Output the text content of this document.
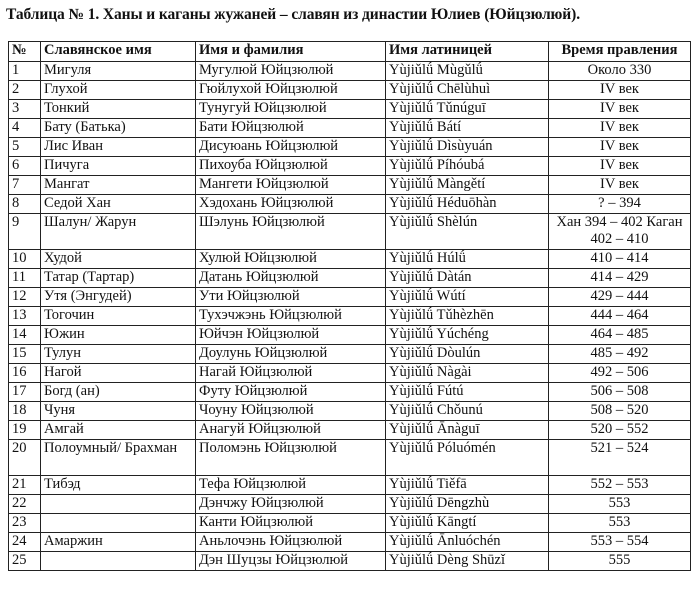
Таблица № 1. Ханы и каганы жужаней – славян из династии Юлиев (Юйцзюлюй).
№	Славянское имя	Имя и фамилия	Имя латиницей	Время правления
1	Мигуля	Мугулюй Юйцзюлюй	Yùjiǔlǘ Mùgǔlǘ	Около 330
2	Глухой	Гюйлухой Юйцзюлюй	Yùjiǔlǘ Chēlùhuì	IV век
3	Тонкий	Тунугуй Юйцзюлюй	Yùjiǔlǘ Tǔnúguī	IV век
4	Бату (Батька)	Бати Юйцзюлюй	Yùjiǔlǘ Bátí	IV век
5	Лис Иван	Дисуюань Юйцзюлюй	Yùjiǔlǘ Dìsùyuán	IV век
6	Пичуга	Пихоуба Юйцзюлюй	Yùjiǔlǘ Píhóubá	IV век
7	Мангат	Мангети Юйцзюлюй	Yùjiǔlǘ Màngětí	IV век
8	Седой Хан	Хэдохань Юйцзюлюй	Yùjiǔlǘ Héduōhàn	? – 394
9	Шалун/ Жарун	Шэлунь Юйцзюлюй	Yùjiǔlǘ Shèlún	Хан 394 – 402 Каган 402 – 410
10	Худой	Хулюй Юйцзюлюй	Yùjiǔlǘ Húlǘ	410 – 414
11	Татар (Тартар)	Датань Юйцзюлюй	Yùjiǔlǘ Dàtán	414 – 429
12	Утя (Энгудей)	Ути Юйцзюлюй	Yùjiǔlǘ Wútí	429 – 444
13	Тогочин	Тухэчжэнь Юйцзюлюй	Yùjiǔlǘ Tǔhèzhēn	444 – 464
14	Южин	Юйчэн Юйцзюлюй	Yùjiǔlǘ Yúchéng	464 – 485
15	Тулун	Доулунь Юйцзюлюй	Yùjiǔlǘ Dòulún	485 – 492
16	Нагой	Нагай Юйцзюлюй	Yùjiǔlǘ Nàgài	492 – 506
17	Богд (ан)	Футу Юйцзюлюй	Yùjiǔlǘ Fútú	506 – 508
18	Чуня	Чоуну Юйцзюлюй	Yùjiǔlǘ Chǒunú	508 – 520
19	Амгай	Анагуй Юйцзюлюй	Yùjiǔlǘ Ānàguī	520 – 552
20	Полоумный/ Брахман	Поломэнь Юйцзюлюй	Yùjiǔlǘ Póluómén	521 – 524
21	Тибэд	Тефа Юйцзюлюй	Yùjiǔlǘ Tiěfā	552 – 553
22		Дэнчжу Юйцзюлюй	Yùjiǔlǘ Dēngzhù	553
23		Канти Юйцзюлюй	Yùjiǔlǘ Kāngtí	553
24	Амаржин	Аньлочэнь Юйцзюлюй	Yùjiǔlǘ Ānluóchén	553 – 554
25		Дэн Шуцзы Юйцзюлюй	Yùjiǔlǘ Dèng Shūzǐ	555
